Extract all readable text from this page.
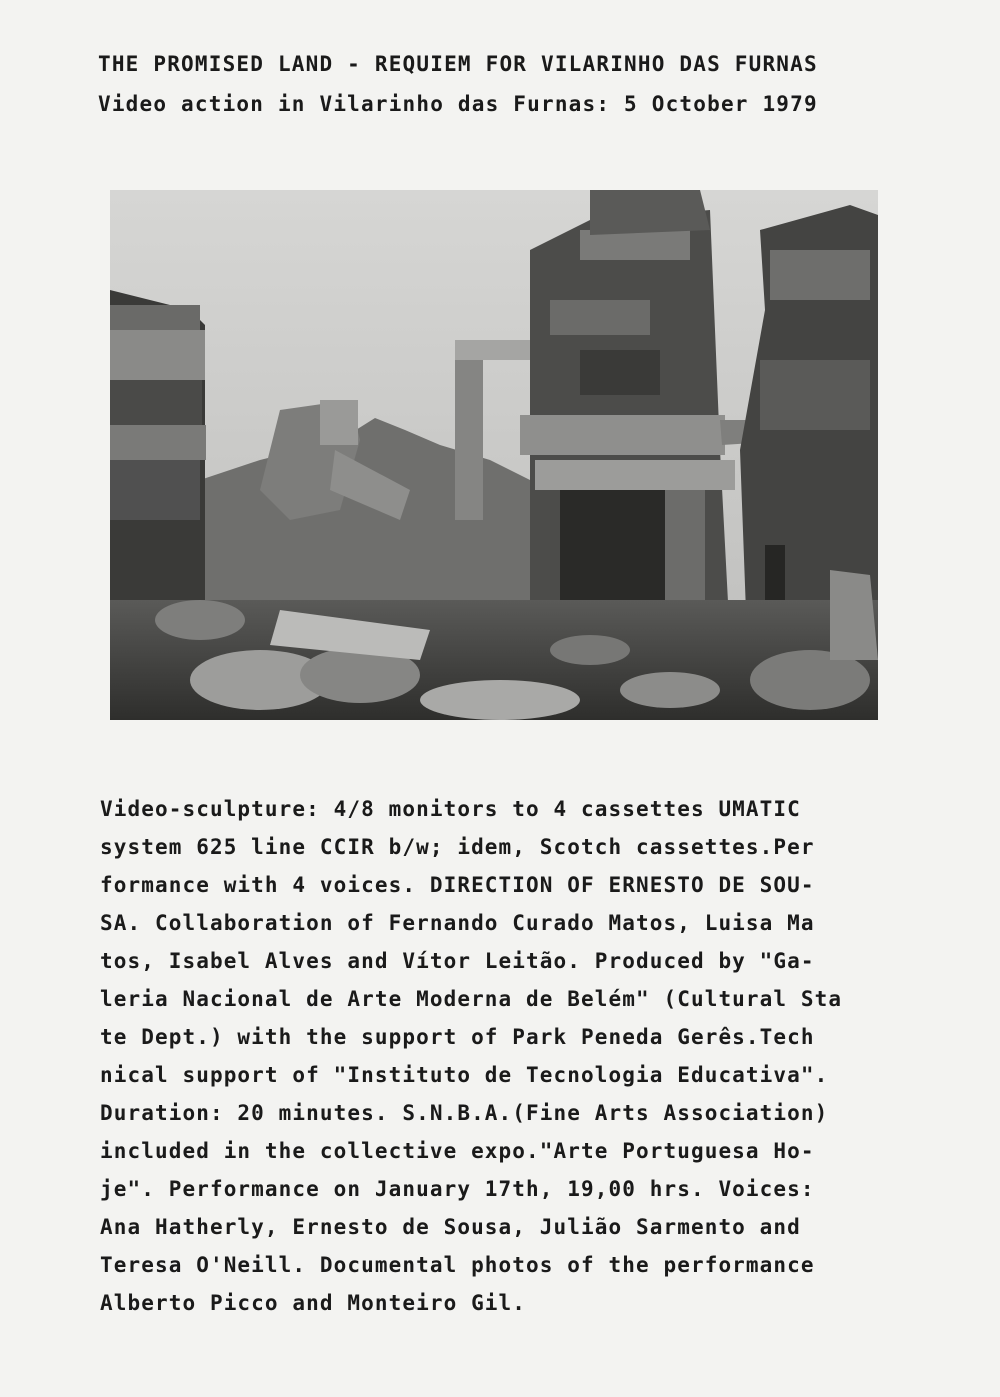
THE PROMISED LAND - REQUIEM FOR VILARINHO DAS FURNAS
Video action in Vilarinho das Furnas: 5 October 1979
Video-sculpture: 4/8 monitors to 4 cassettes UMATIC
system 625 line CCIR b/w; idem, Scotch cassettes.Per
formance with 4 voices. DIRECTION OF ERNESTO DE SOU-
SA. Collaboration of Fernando Curado Matos, Luisa Ma
tos, Isabel Alves and Vítor Leitão. Produced by "Ga-
leria Nacional de Arte Moderna de Belém" (Cultural Sta
te Dept.) with the support of Park Peneda Gerês.Tech
nical support of "Instituto de Tecnologia Educativa".
Duration: 20 minutes. S.N.B.A.(Fine Arts Association)
included in the collective expo."Arte Portuguesa Ho-
je". Performance on January 17th, 19,00 hrs. Voices:
Ana Hatherly, Ernesto de Sousa, Julião Sarmento and
Teresa O'Neill. Documental photos of the performance
Alberto Picco and Monteiro Gil.
